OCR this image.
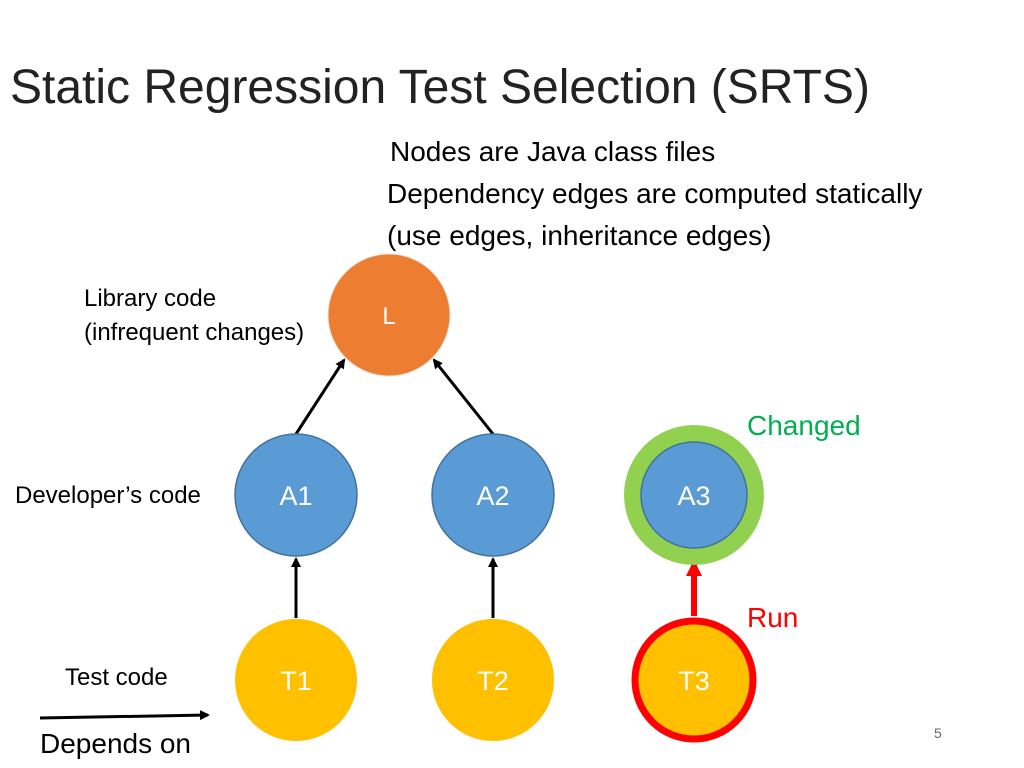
Static Regression Test Selection (SRTS)
Nodes are Java class files
Dependency edges are computed statically
(use edges, inheritance edges)
Library code
(infrequent changes)
Developer’s code
Test code
Changed
Run
Depends on	5
L
A1	A2	A3
T1	T2	T3
